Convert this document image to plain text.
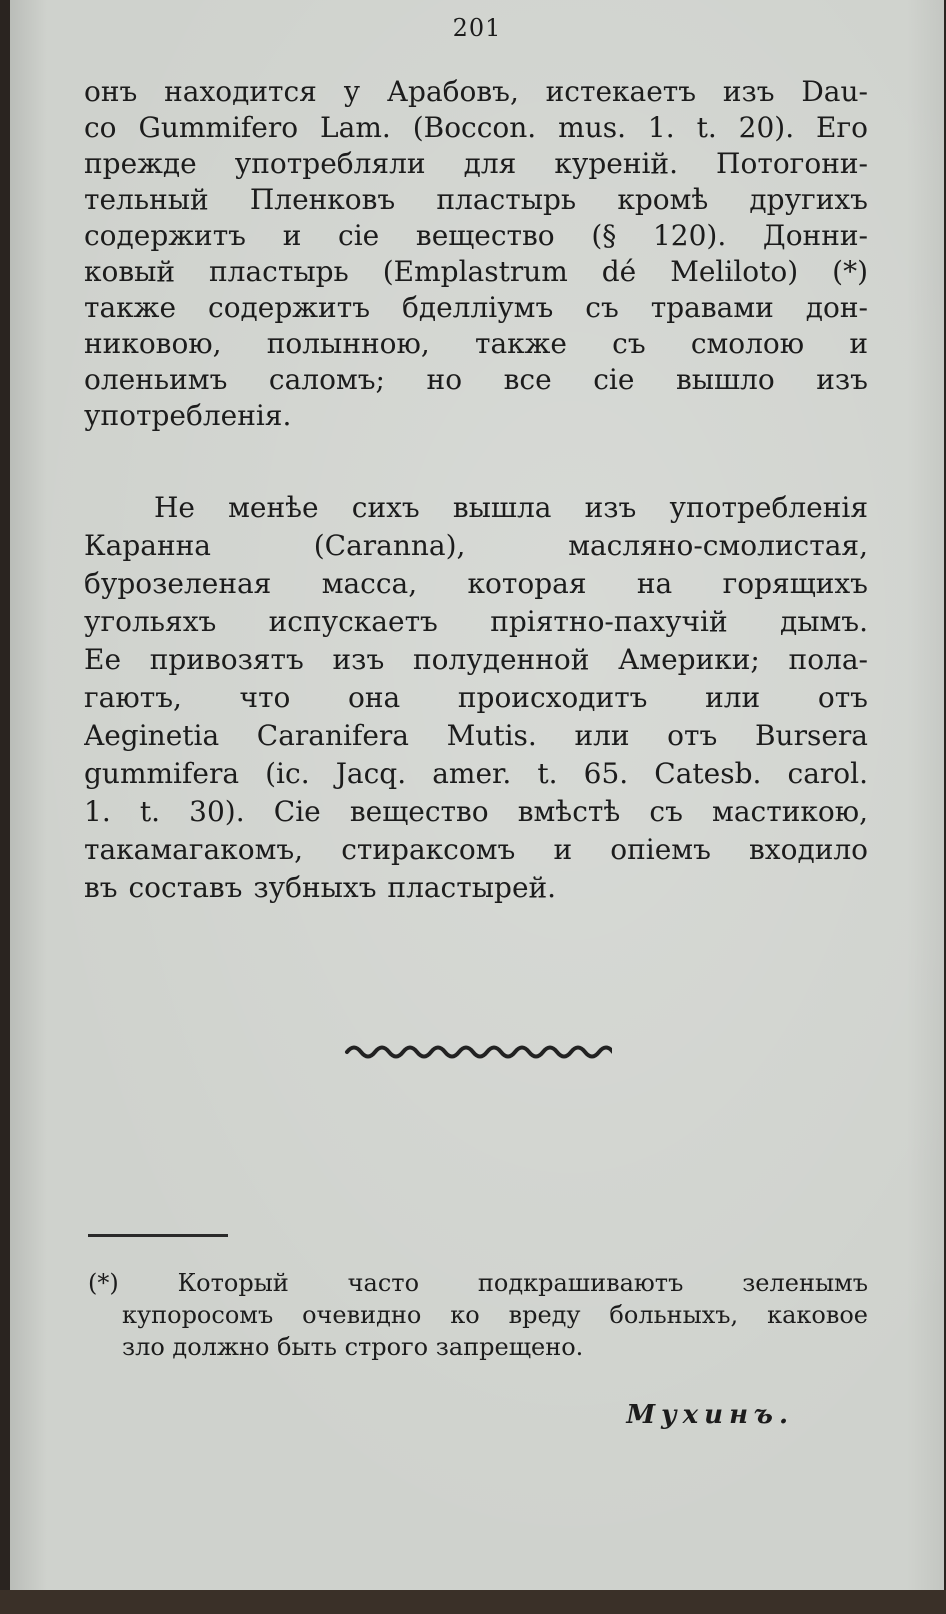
201
онъ находится у Арабовъ, истекаетъ изъ Dau-
co Gummifero Lam. (Boccon. mus. 1. t. 20). Его
прежде употребляли для куреній. Потогони-
тельный Пленковъ пластырь кромѣ другихъ
содержитъ и сіе вещество (§ 120). Донни-
ковый пластырь (Emplastrum dé Meliloto) (*)
также содержитъ бделліумъ съ травами дон-
никовою, полынною, также съ смолою и
оленьимъ саломъ; но все сіе вышло изъ
употребленія.
Не менѣе сихъ вышла изъ употребленія
Каранна (Caranna), масляно-смолистая,
бурозеленая масса, которая на горящихъ
угольяхъ испускаетъ пріятно-пахучій дымъ.
Ее привозятъ изъ полуденной Америки; пола-
гаютъ, что она происходитъ или отъ
Aeginetia Caranifera Mutis. или отъ Bursera
gummifera (ic. Jacq. amer. t. 65. Catesb. carol.
1. t. 30). Сіе вещество вмѣстѣ съ мастикою,
такамагакомъ, стираксомъ и опіемъ входило
въ составъ зубныхъ пластырей.
(*) Который часто подкрашиваютъ зеленымъ
купоросомъ очевидно ко вреду больныхъ, каковое
зло должно быть строго запрещено.
Мухинъ.
